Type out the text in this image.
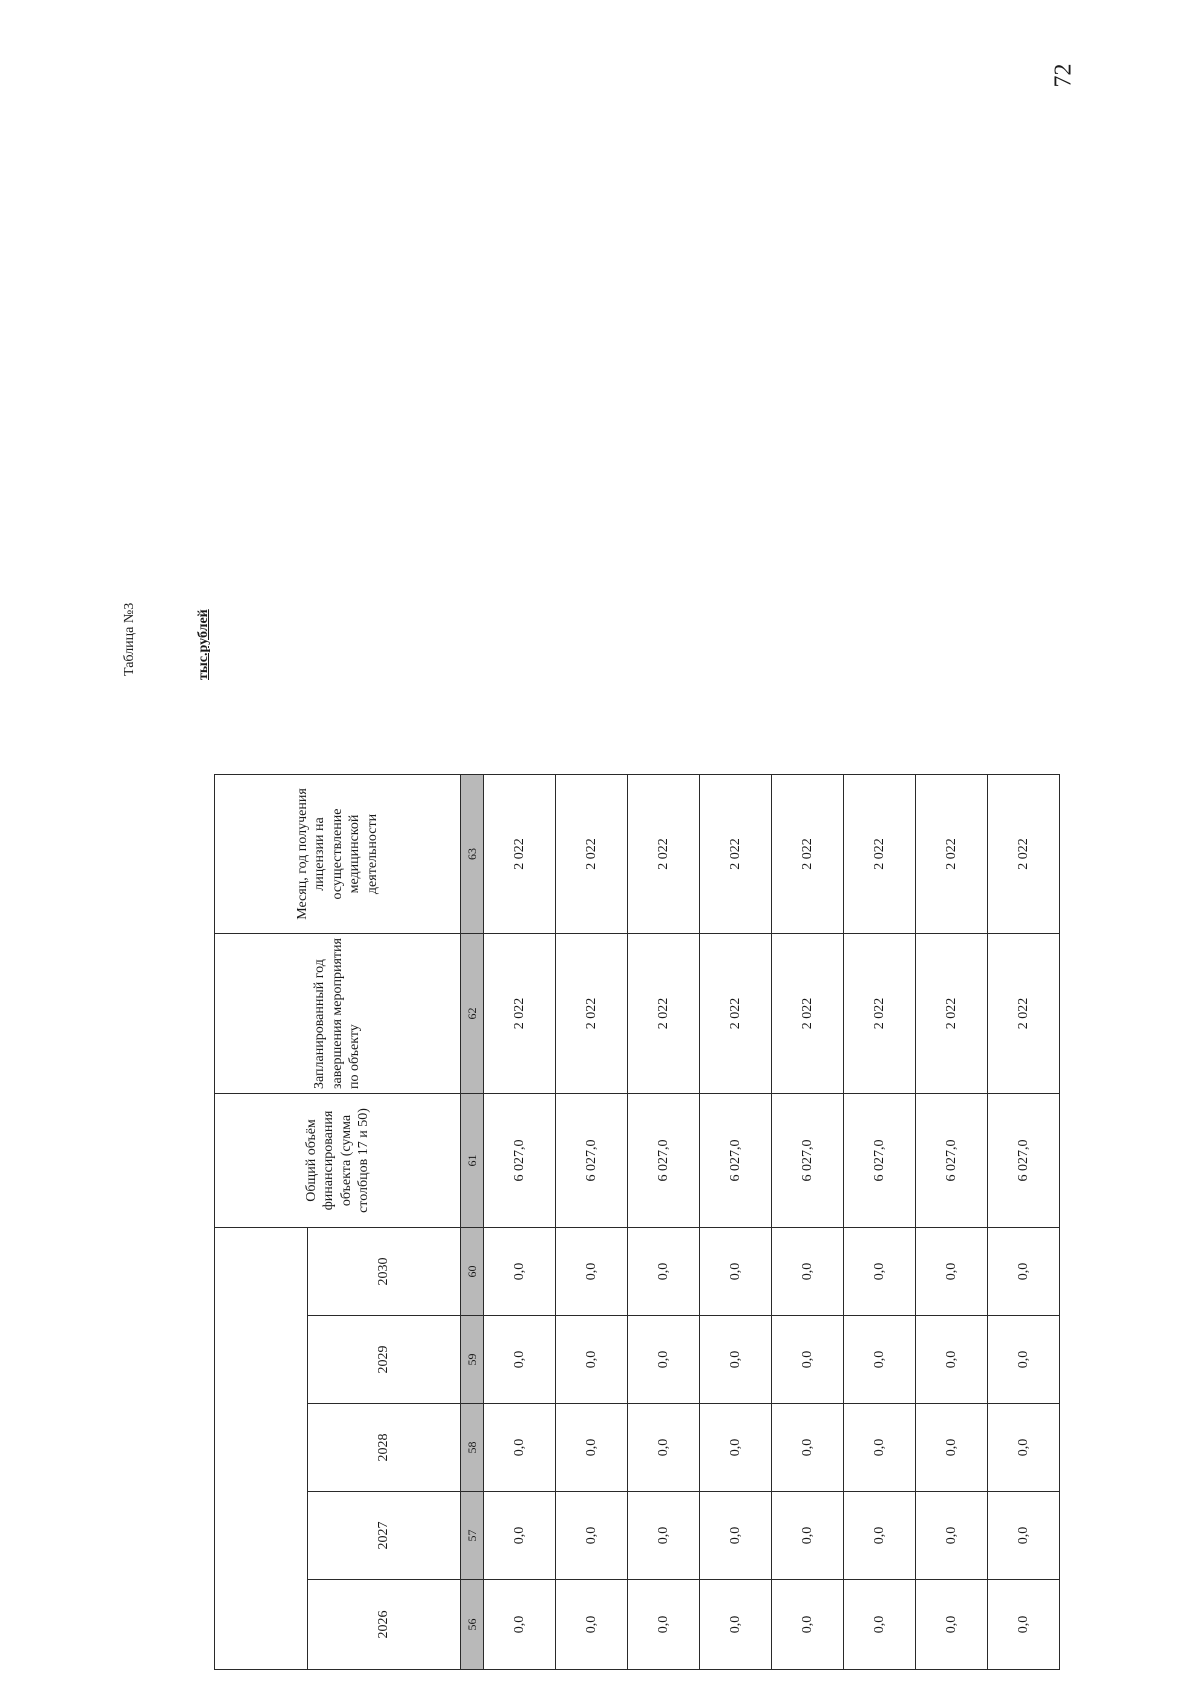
72
Таблица №3	тыс.рублей
					Общий объём финансирования объекта (сумма столбцов 17 и 50)	Запланированный год завершения мероприятия по объекту	Месяц, год получения лицензии на осуществление медицинской деятельности
2026	2027	2028	2029	2030			
56	57	58	59	60	61	62	63
0,0	0,0	0,0	0,0	0,0	6 027,0	2 022	2 022
0,0	0,0	0,0	0,0	0,0	6 027,0	2 022	2 022
0,0	0,0	0,0	0,0	0,0	6 027,0	2 022	2 022
0,0	0,0	0,0	0,0	0,0	6 027,0	2 022	2 022
0,0	0,0	0,0	0,0	0,0	6 027,0	2 022	2 022
0,0	0,0	0,0	0,0	0,0	6 027,0	2 022	2 022
0,0	0,0	0,0	0,0	0,0	6 027,0	2 022	2 022
0,0	0,0	0,0	0,0	0,0	6 027,0	2 022	2 022
